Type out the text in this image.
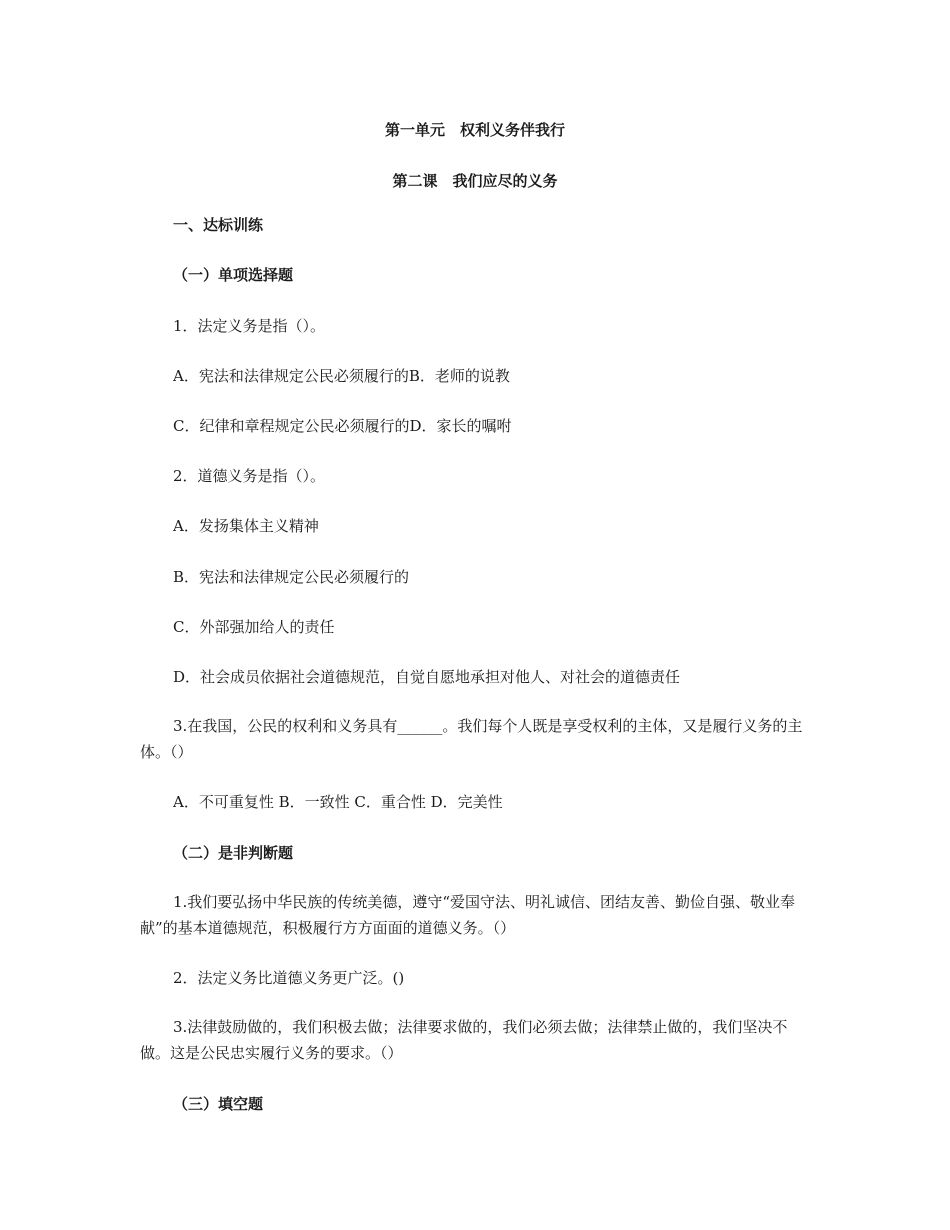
第一单元　权利义务伴我行
第二课　我们应尽的义务
一、达标训练
（一）单项选择题
1．法定义务是指（）。
A．宪法和法律规定公民必须履行的B．老师的说教
C．纪律和章程规定公民必须履行的D．家长的嘱咐
2．道德义务是指（）。
A．发扬集体主义精神
B．宪法和法律规定公民必须履行的
C．外部强加给人的责任
D．社会成员依据社会道德规范，自觉自愿地承担对他人、对社会的道德责任
3.在我国，公民的权利和义务具有______。我们每个人既是享受权利的主体，又是履行义务的主体。（）
A．不可重复性 B．一致性 C．重合性 D．完美性
（二）是非判断题
1.我们要弘扬中华民族的传统美德，遵守“爱国守法、明礼诚信、团结友善、勤俭自强、敬业奉献”的基本道德规范，积极履行方方面面的道德义务。（）
2．法定义务比道德义务更广泛。()
3.法律鼓励做的，我们积极去做；法律要求做的，我们必须去做；法律禁止做的，我们坚决不做。这是公民忠实履行义务的要求。（）
（三）填空题
